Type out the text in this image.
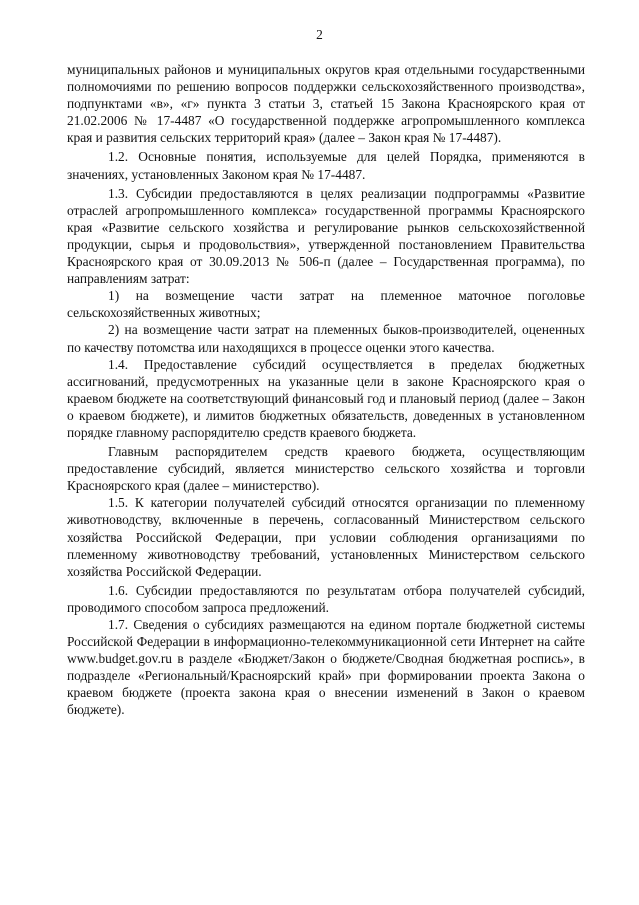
2

муниципальных районов и муниципальных округов края отдельными государственными полномочиями по решению вопросов поддержки сельскохозяйственного производства», подпунктами «в», «г» пункта 3 статьи 3, статьей 15 Закона Красноярского края от 21.02.2006 № 17-4487 «О государственной поддержке агропромышленного комплекса края и развития сельских территорий края» (далее – Закон края № 17-4487).

1.2. Основные понятия, используемые для целей Порядка, применяются в значениях, установленных Законом края № 17-4487.

1.3. Субсидии предоставляются в целях реализации подпрограммы «Развитие отраслей агропромышленного комплекса» государственной программы Красноярского края «Развитие сельского хозяйства и регулирование рынков сельскохозяйственной продукции, сырья и продовольствия», утвержденной постановлением Правительства Красноярского края от 30.09.2013 № 506-п (далее – Государственная программа), по направлениям затрат:

1) на возмещение части затрат на племенное маточное поголовье сельскохозяйственных животных;

2) на возмещение части затрат на племенных быков-производителей, оцененных по качеству потомства или находящихся в процессе оценки этого качества.

1.4. Предоставление субсидий осуществляется в пределах бюджетных ассигнований, предусмотренных на указанные цели в законе Красноярского края о краевом бюджете на соответствующий финансовый год и плановый период (далее – Закон о краевом бюджете), и лимитов бюджетных обязательств, доведенных в установленном порядке главному распорядителю средств краевого бюджета.

Главным распорядителем средств краевого бюджета, осуществляющим предоставление субсидий, является министерство сельского хозяйства и торговли Красноярского края (далее – министерство).

1.5. К категории получателей субсидий относятся организации по племенному животноводству, включенные в перечень, согласованный Министерством сельского хозяйства Российской Федерации, при условии соблюдения организациями по племенному животноводству требований, установленных Министерством сельского хозяйства Российской Федерации.

1.6. Субсидии предоставляются по результатам отбора получателей субсидий, проводимого способом запроса предложений.

1.7. Сведения о субсидиях размещаются на едином портале бюджетной системы Российской Федерации в информационно-телекоммуникационной сети Интернет на сайте www.budget.gov.ru в разделе «Бюджет/Закон о бюджете/Сводная бюджетная роспись», в подразделе «Региональный/Красноярский край» при формировании проекта Закона о краевом бюджете (проекта закона края о внесении изменений в Закон о краевом бюджете).
